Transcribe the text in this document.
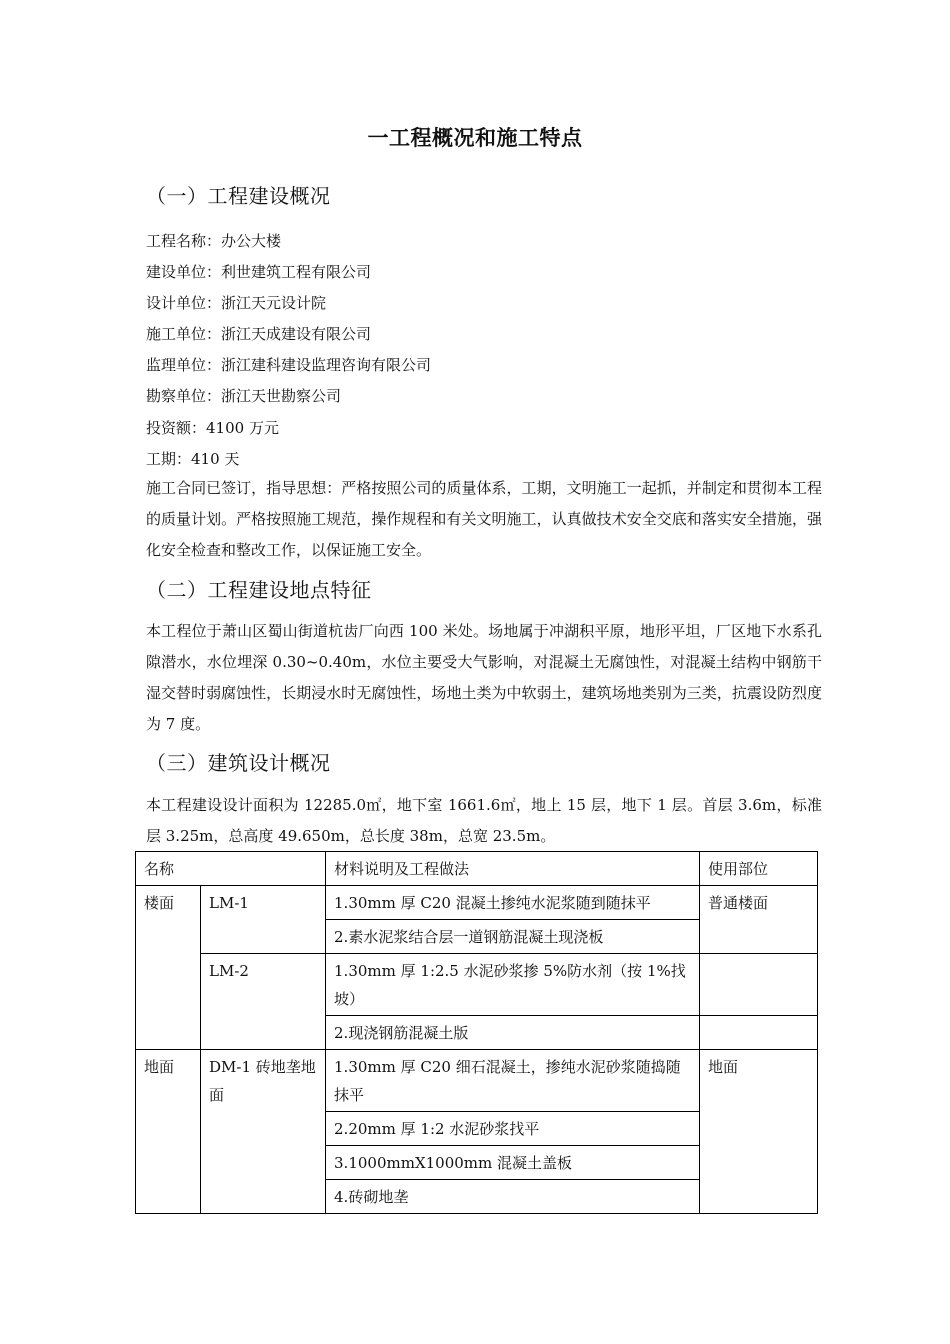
一工程概况和施工特点
（一）工程建设概况
工程名称：办公大楼
建设单位：利世建筑工程有限公司
设计单位：浙江天元设计院
施工单位：浙江天成建设有限公司
监理单位：浙江建科建设监理咨询有限公司
勘察单位：浙江天世勘察公司
投资额：4100 万元
工期：410 天
施工合同已签订，指导思想：严格按照公司的质量体系，工期，文明施工一起抓，并制定和贯彻本工程的质量计划。严格按照施工规范，操作规程和有关文明施工，认真做技术安全交底和落实安全措施，强化安全检查和整改工作，以保证施工安全。
（二）工程建设地点特征
本工程位于萧山区蜀山街道杭齿厂向西 100 米处。场地属于冲湖积平原，地形平坦，厂区地下水系孔隙潜水，水位埋深 0.30~0.40m，水位主要受大气影响，对混凝土无腐蚀性，对混凝土结构中钢筋干湿交替时弱腐蚀性，长期浸水时无腐蚀性，场地土类为中软弱土，建筑场地类别为三类，抗震设防烈度为 7 度。
（三）建筑设计概况
本工程建设设计面积为 12285.0㎡，地下室 1661.6㎡，地上 15 层，地下 1 层。首层 3.6m，标准层 3.25m，总高度 49.650m，总长度 38m，总宽 23.5m。
名称		材料说明及工程做法	使用部位
楼面	LM-1	1.30mm 厚 C20 混凝土掺纯水泥浆随到随抹平	普通楼面
		2.素水泥浆结合层一道钢筋混凝土现浇板	
	LM-2	1.30mm 厚 1:2.5 水泥砂浆掺 5%防水剂（按 1%找坡）	
		2.现浇钢筋混凝土版	
地面	DM-1 砖地垄地面	1.30mm 厚 C20 细石混凝土，掺纯水泥砂浆随捣随抹平	地面
		2.20mm 厚 1:2 水泥砂浆找平	
		3.1000mmX1000mm 混凝土盖板	
		4.砖砌地垄	
